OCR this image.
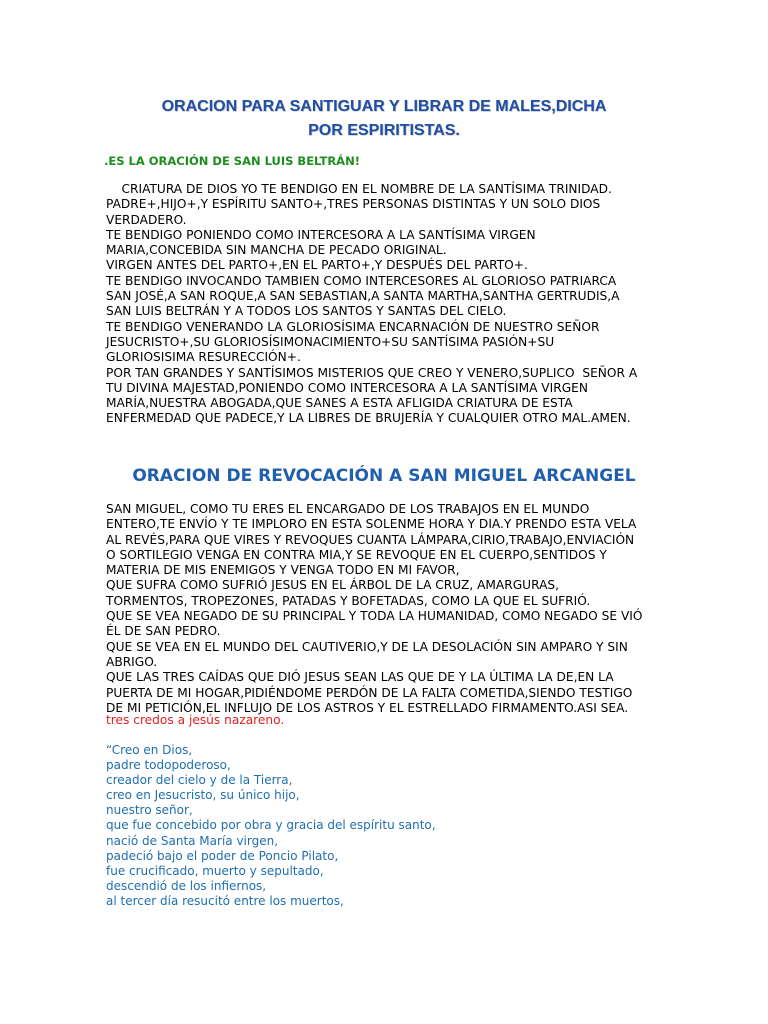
ORACION PARA SANTIGUAR Y LIBRAR DE MALES,DICHA
POR ESPIRITISTAS.
.ES LA ORACIÓN DE SAN LUIS BELTRÁN!
CRIATURA DE DIOS YO TE BENDIGO EN EL NOMBRE DE LA SANTÍSIMA TRINIDAD.
PADRE+,HIJO+,Y ESPÍRITU SANTO+,TRES PERSONAS DISTINTAS Y UN SOLO DIOS
VERDADERO.
TE BENDIGO PONIENDO COMO INTERCESORA A LA SANTÍSIMA VIRGEN
MARIA,CONCEBIDA SIN MANCHA DE PECADO ORIGINAL.
VIRGEN ANTES DEL PARTO+,EN EL PARTO+,Y DESPUÉS DEL PARTO+.
TE BENDIGO INVOCANDO TAMBIEN COMO INTERCESORES AL GLORIOSO PATRIARCA
SAN JOSÉ,A SAN ROQUE,A SAN SEBASTIAN,A SANTA MARTHA,SANTHA GERTRUDIS,A
SAN LUIS BELTRÁN Y A TODOS LOS SANTOS Y SANTAS DEL CIELO.
TE BENDIGO VENERANDO LA GLORIOSÍSIMA ENCARNACIÓN DE NUESTRO SEÑOR
JESUCRISTO+,SU GLORIOSÍSIMONACIMIENTO+SU SANTÍSIMA PASIÓN+SU
GLORIOSISIMA RESURECCIÓN+.
POR TAN GRANDES Y SANTÍSIMOS MISTERIOS QUE CREO Y VENERO,SUPLICO  SEÑOR A
TU DIVINA MAJESTAD,PONIENDO COMO INTERCESORA A LA SANTÍSIMA VIRGEN
MARÍA,NUESTRA ABOGADA,QUE SANES A ESTA AFLIGIDA CRIATURA DE ESTA
ENFERMEDAD QUE PADECE,Y LA LIBRES DE BRUJERÍA Y CUALQUIER OTRO MAL.AMEN.
ORACION DE REVOCACIÓN A SAN MIGUEL ARCANGEL
SAN MIGUEL, COMO TU ERES EL ENCARGADO DE LOS TRABAJOS EN EL MUNDO
ENTERO,TE ENVÍO Y TE IMPLORO EN ESTA SOLENME HORA Y DIA.Y PRENDO ESTA VELA
AL REVÉS,PARA QUE VIRES Y REVOQUES CUANTA LÁMPARA,CIRIO,TRABAJO,ENVIACIÓN
O SORTILEGIO VENGA EN CONTRA MIA,Y SE REVOQUE EN EL CUERPO,SENTIDOS Y
MATERIA DE MIS ENEMIGOS Y VENGA TODO EN MI FAVOR,
QUE SUFRA COMO SUFRIÓ JESUS EN EL ÁRBOL DE LA CRUZ, AMARGURAS,
TORMENTOS, TROPEZONES, PATADAS Y BOFETADAS, COMO LA QUE EL SUFRIÓ.
QUE SE VEA NEGADO DE SU PRINCIPAL Y TODA LA HUMANIDAD, COMO NEGADO SE VIÓ
ÉL DE SAN PEDRO.
QUE SE VEA EN EL MUNDO DEL CAUTIVERIO,Y DE LA DESOLACIÓN SIN AMPARO Y SIN
ABRIGO.
QUE LAS TRES CAÍDAS QUE DIÓ JESUS SEAN LAS QUE DE Y LA ÚLTIMA LA DE,EN LA
PUERTA DE MI HOGAR,PIDIÉNDOME PERDÓN DE LA FALTA COMETIDA,SIENDO TESTIGO
DE MI PETICIÓN,EL INFLUJO DE LOS ASTROS Y EL ESTRELLADO FIRMAMENTO.ASI SEA.
tres credos a jesús nazareno.
“Creo en Dios,
padre todopoderoso,
creador del cielo y de la Tierra,
creo en Jesucristo, su único hijo,
nuestro señor,
que fue concebido por obra y gracia del espíritu santo,
nació de Santa María virgen,
padeció bajo el poder de Poncio Pilato,
fue crucificado, muerto y sepultado,
descendió de los infiernos,
al tercer día resucitó entre los muertos,
